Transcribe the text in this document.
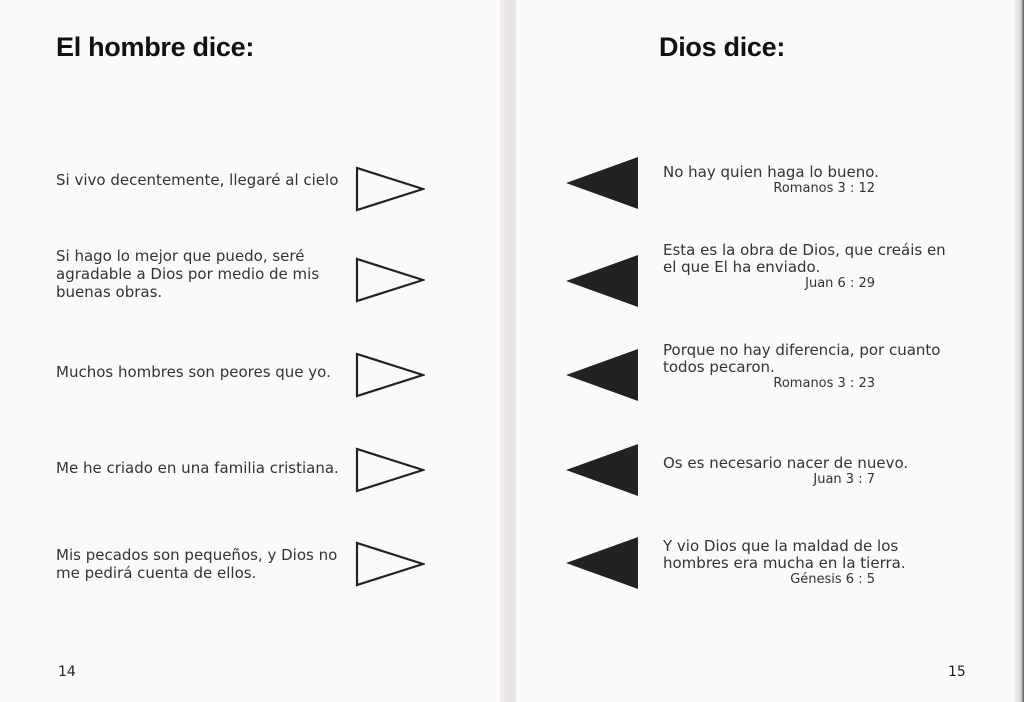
El hombre dice:
Si vivo decentemente, llegaré al cielo
Si hago lo mejor que puedo, seré agradable a Dios por medio de mis buenas obras.
Muchos hombres son peores que yo.
Me he criado en una familia cristiana.
Mis pecados son pequeños, y Dios no me pedirá cuenta de ellos.
14
Dios dice:
No hay quien haga lo bueno.
Romanos 3 : 12
Esta es la obra de Dios, que creáis en el que El ha enviado.
Juan 6 : 29
Porque no hay diferencia, por cuanto todos pecaron.
Romanos 3 : 23
Os es necesario nacer de nuevo.
Juan 3 : 7
Y vio Dios que la maldad de los hombres era mucha en la tierra.
Génesis 6 : 5
15
